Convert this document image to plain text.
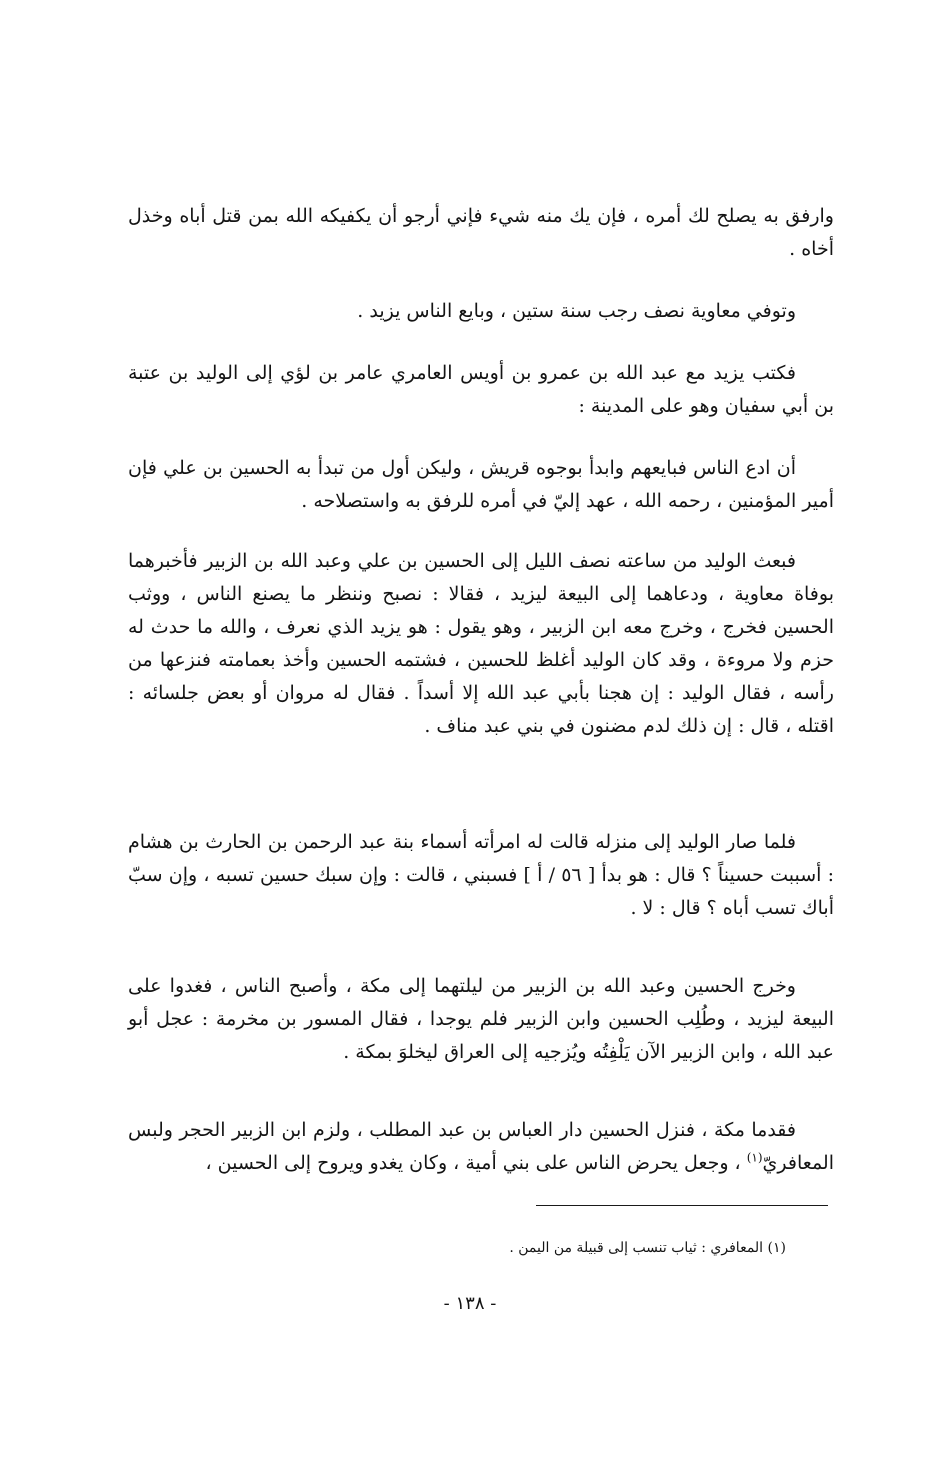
وارفق به يصلح لك أمره ، فإن يك منه شيء فإني أرجو أن يكفيكه الله بمن قتل أباه وخذل أخاه .

وتوفي معاوية نصف رجب سنة ستين ، وبايع الناس يزيد .

فكتب يزيد مع عبد الله بن عمرو بن أويس العامري عامر بن لؤي إلى الوليد بن عتبة بن أبي سفيان وهو على المدينة :

أن ادع الناس فبايعهم وابدأ بوجوه قريش ، وليكن أول من تبدأ به الحسين بن علي فإن أمير المؤمنين ، رحمه الله ، عهد إليّ في أمره للرفق به واستصلاحه .

فبعث الوليد من ساعته نصف الليل إلى الحسين بن علي وعبد الله بن الزبير فأخبرهما بوفاة معاوية ، ودعاهما إلى البيعة ليزيد ، فقالا : نصبح وننظر ما يصنع الناس ، ووثب الحسين فخرج ، وخرج معه ابن الزبير ، وهو يقول : هو يزيد الذي نعرف ، والله ما حدث له حزم ولا مروءة ، وقد كان الوليد أغلظ للحسين ، فشتمه الحسين وأخذ بعمامته فنزعها من رأسه ، فقال الوليد : إن هجنا بأبي عبد الله إلا أسداً . فقال له مروان أو بعض جلسائه : اقتله ، قال : إن ذلك لدم مضنون في بني عبد مناف .

فلما صار الوليد إلى منزله قالت له امرأته أسماء بنة عبد الرحمن بن الحارث بن هشام : أسببت حسيناً ؟ قال : هو بدأ [ ٥٦ / أ ] فسبني ، قالت : وإن سبك حسين تسبه ، وإن سبّ أباك تسب أباه ؟ قال : لا .

وخرج الحسين وعبد الله بن الزبير من ليلتهما إلى مكة ، وأصبح الناس ، فغدوا على البيعة ليزيد ، وطُلِب الحسين وابن الزبير فلم يوجدا ، فقال المسور بن مخرمة : عجل أبو عبد الله ، وابن الزبير الآن يَلْفِتُه ويُزجيه إلى العراق ليخلوَ بمكة .

فقدما مكة ، فنزل الحسين دار العباس بن عبد المطلب ، ولزم ابن الزبير الحجر ولبس المعافريّ$^{(١)}$ ، وجعل يحرض الناس على بني أمية ، وكان يغدو ويروح إلى الحسين ،

(١) المعافري : ثياب تنسب إلى قبيلة من اليمن .
- ١٣٨ -
